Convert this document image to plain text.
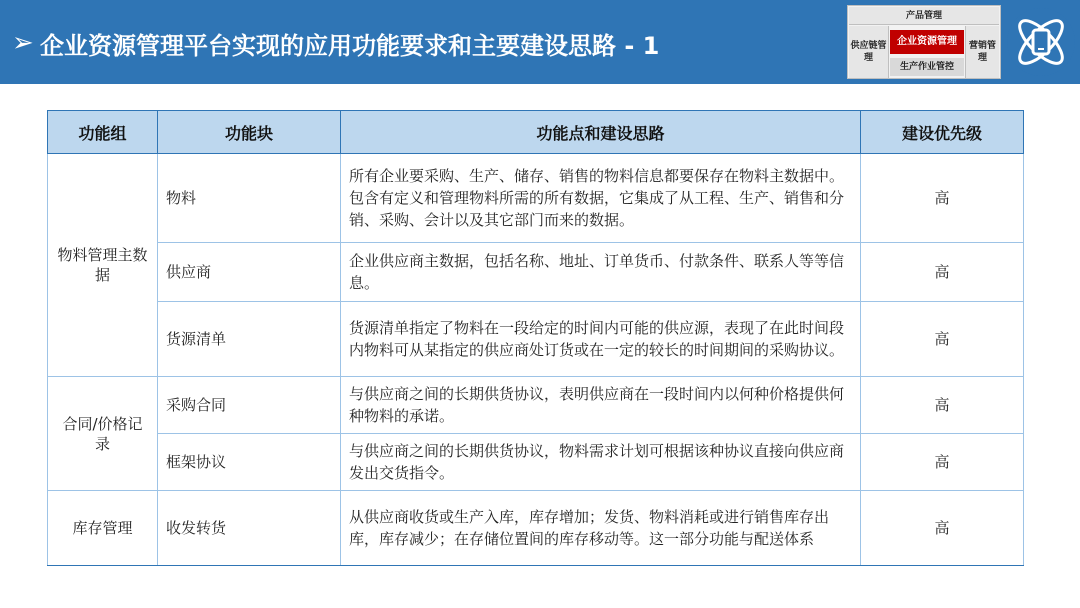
➢ 企业资源管理平台实现的应用功能要求和主要建设思路 - 1
产品管理
供应链管理
企业资源管理
生产作业管控
营销管理
功能组	功能块	功能点和建设思路	建设优先级
物料管理主数据	物料	所有企业要采购、生产、储存、销售的物料信息都要保存在物料主数据中。包含有定义和管理物料所需的所有数据，它集成了从工程、生产、销售和分销、采购、会计以及其它部门而来的数据。	高
	供应商	企业供应商主数据，包括名称、地址、订单货币、付款条件、联系人等等信息。	高
	货源清单	货源清单指定了物料在一段给定的时间内可能的供应源，表现了在此时间段内物料可从某指定的供应商处订货或在一定的较长的时间期间的采购协议。	高
合同/价格记录	采购合同	与供应商之间的长期供货协议，表明供应商在一段时间内以何种价格提供何种物料的承诺。	高
	框架协议	与供应商之间的长期供货协议，物料需求计划可根据该种协议直接向供应商发出交货指令。	高
库存管理	收发转货	从供应商收货或生产入库，库存增加；发货、物料消耗或进行销售库存出库，库存减少；在存储位置间的库存移动等。这一部分功能与配送体系	高
